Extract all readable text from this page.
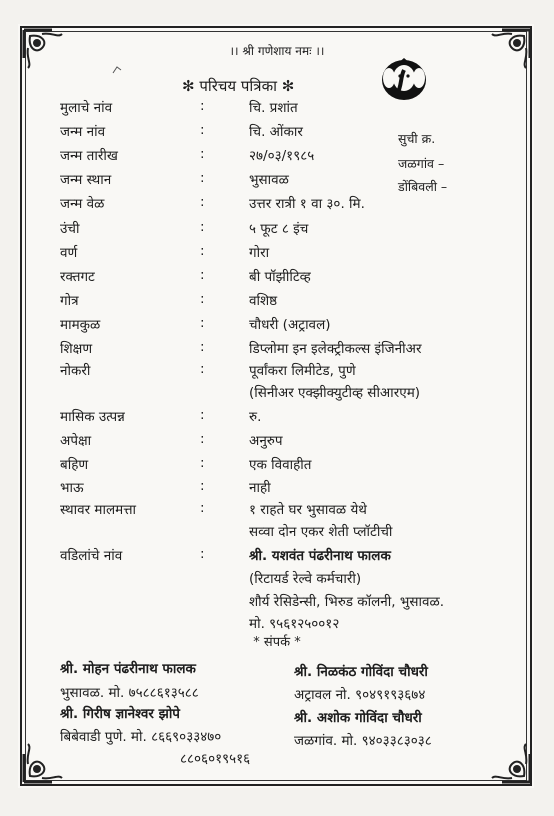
।। श्री गणेशाय नमः ।।
✻ परिचय पत्रिका ✻
मुलाचे नांव	:	चि. प्रशांत
जन्म नांव	:	चि. ओंकार
जन्म तारीख	:	२७/०३/१९८५
जन्म स्थान	:	भुसावळ
जन्म वेळ	:	उत्तर रात्री १ वा ३०. मि.
उंची	:	५ फूट ८ इंच
वर्ण	:	गोरा
रक्तगट	:	बी पॉझीटिव्ह
गोत्र	:	वशिष्ठ
मामकुळ	:	चौधरी (अट्रावल)
शिक्षण	:	डिप्लोमा इन इलेक्ट्रीकल्स इंजिनीअर
नोकरी	:	पूर्वांकरा लिमीटेड, पुणे
(सिनीअर एक्झीक्युटीव्ह सीआरएम)
मासिक उत्पन्न	:	रु.
अपेक्षा	:	अनुरुप
बहिण	:	एक विवाहीत
भाऊ	:	नाही
स्थावर मालमत्ता	:	१ राहते घर भुसावळ येथे
सव्वा दोन एकर शेती प्लॉटीची
वडिलांचे नांव	:	श्री. यशवंत पंढरीनाथ फालक
(रिटायर्ड रेल्वे कर्मचारी)
शौर्य रेसिडेन्सी, भिरुड कॉलनी, भुसावळ.
मो. ९५६१२५००१२
सुची क्र.
जळगांव –
डोंबिवली –
* संपर्क *
श्री. मोहन पंढरीनाथ फालक
भुसावळ. मो. ७५८८६१३५८८
श्री. गिरीष ज्ञानेश्वर झोपे
बिबेवाडी पुणे. मो. ८६६९०३३४७०
८८०६०१९५१६
श्री. निळकंठ गोविंदा चौधरी
अट्रावल नो. ९०४९१९३६७४
श्री. अशोक गोविंदा चौधरी
जळगांव. मो. ९४०३३८३०३८
